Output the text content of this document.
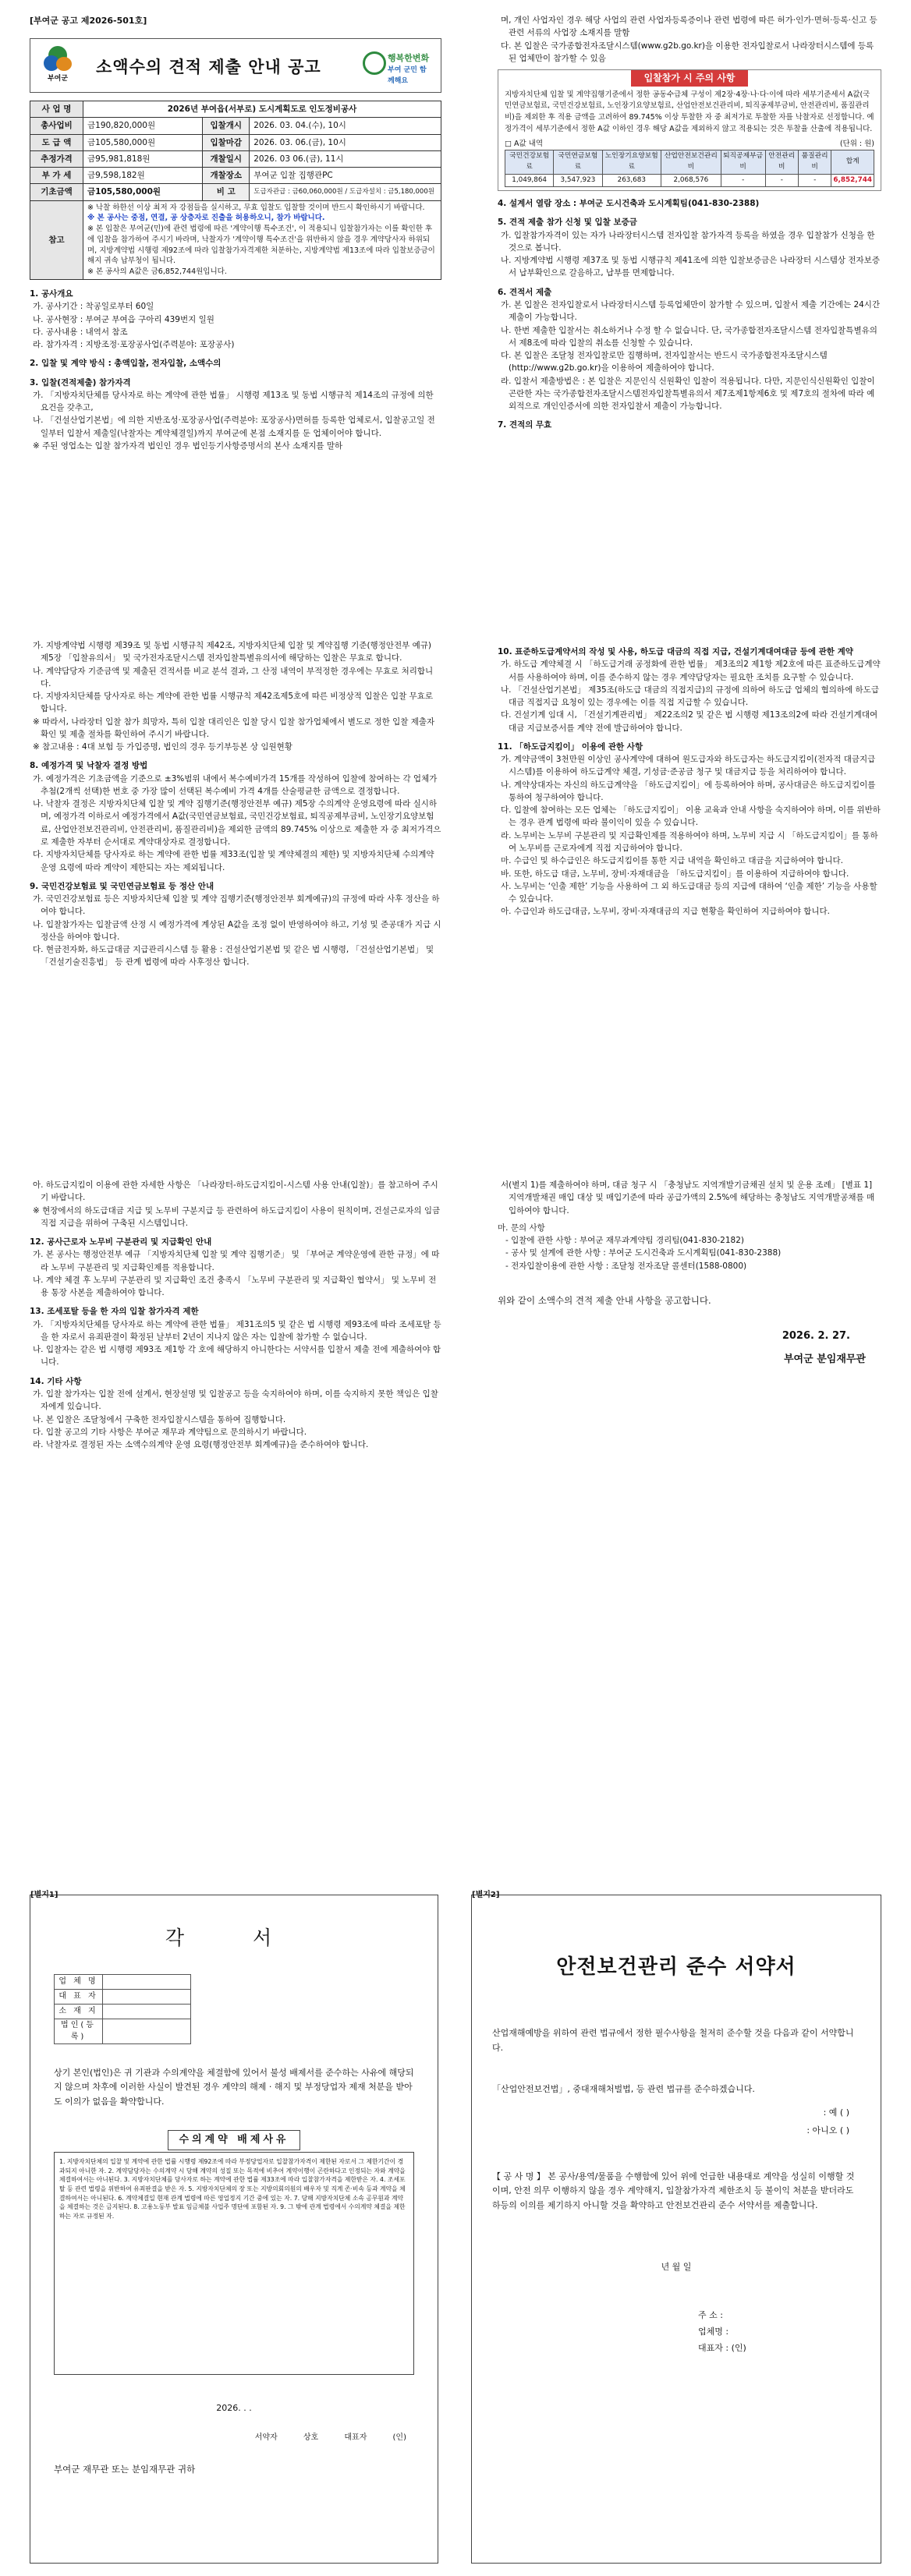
[부여군 공고 제2026-501호]
부여군
소액수의 견적 제출 안내 공고	행복한변화
부여 군민 함께해요
사 업 명	2026년 부여읍(서부로) 도시계획도로 인도정비공사		
총사업비	금190,820,000원	입찰개시	2026. 03. 04.(수), 10시
도 급 액	금105,580,000원	입찰마감	2026. 03. 06.(금), 10시
추정가격	금95,981,818원	개찰일시	2026. 03 06.(금), 11시
부 가 세	금9,598,182원	개찰장소	부여군 입찰 집행관PC
기초금액	금105,580,000원	비 고	도급자관급 : 금60,060,000원 / 도급자설치 : 금5,180,000원
참고	※ 낙찰 하한선 이상 최저 자 강점들을 실시하고, 무효 입찰도 입찰할 것이며 반드시 확인하시기 바랍니다.
※ 본 공사는 중점, 연결, 공 상층자로 진출을 허용하오니, 참가 바랍니다.
※ 본 입찰은 부여군(민)에 관련 법령에 따른 '계약이행 특수조건', 이 적용되니 입찰참가자는 이를 확인한 후에 입찰을 참가하여 주시기 바라며, 낙찰자가 '계약이행 특수조건'을 위반하지 않을 경우 계약당사자 하위되며, 지방계약법 시행령 제92조에 따라 입찰참가자격제한 처분하는, 지방계약법 제13조에 따라 입찰보증금이 해지 귀속 납부청이 됩니다.
※ 본 공사의 A값은 금6,852,744원입니다.		
1. 공사개요
가. 공사기간 : 착공일로부터 60일
나. 공사현장 : 부여군 부여읍 구아리 439번지 일원
다. 공사내용 : 내역서 참조
라. 참가자격 : 지방조정·포장공사업(주력분야: 포장공사)
2. 입찰 및 계약 방식 : 총액입찰, 전자입찰, 소액수의
3. 입찰(견적제출) 참가자격
가. 「지방자치단체를 당사자로 하는 계약에 관한 법률」 시행령 제13조 및 동법 시행규칙 제14조의 규정에 의한 요건을 갖추고,
나. 「건설산업기본법」에 의한 지반조성·포장공사업(주력분야: 포장공사)면허를 등록한 업체로서, 입찰공고일 전일부터 입찰서 제출일(낙찰자는 계약체결일)까지 부여군에 본점 소재지를 둔 업체이어야 합니다.
※ 주된 영업소는 입찰 참가자격 법인인 경우 법인등기사항증명서의 본사 소재지를 말하
며, 개인 사업자인 경우 해당 사업의 관련 사업자등록증이나 관련 법령에 따른 허가·인가·면허·등록·신고 등 관련 서류의 사업장 소재지를 말함
다. 본 입찰은 국가종합전자조달시스템(www.g2b.go.kr)을 이용한 전자입찰로서 나라장터시스템에 등록된 업체만이 참가할 수 있음
입찰참가 시 주의 사항
지방자치단체 입찰 및 계약집행기준에서 정한 공동수급체 구성이 제2장·4장·나·다·이에 따라 세부기준세서 A값(국민연금보험료, 국민건강보험료, 노인장기요양보험료, 산업안전보건관리비, 퇴직공제부금비, 안전관리비, 품질관리비)을 제외한 후 적용 금액을 고려하여 89.745% 이상 투찰한 자 중 최저가로 투찰한 자를 낙찰자로 선정합니다. 예정가격이 세부기준에서 정한 A값 이하인 경우 해당 A값을 제외하지 않고 적용되는 것은 투찰율 산출에 적용됩니다.
□ A값 내역	(단위 : 원)
국민건강보험료	국민연금보험료	노인장기요양보험료	산업안전보건관리비	퇴직공제부금비	안전관리비	품질관리비	합계
1,049,864	3,547,923	263,683	2,068,576	-	-	-	6,852,744
4. 설계서 열람 장소 : 부여군 도시건축과 도시계획팀(041-830-2388)
5. 견적 제출 참가 신청 및 입찰 보증금
가. 입찰참가자격이 있는 자가 나라장터시스템 전자입찰 참가자격 등록을 하였을 경우 입찰참가 신청을 한 것으로 봅니다.
나. 지방계약법 시행령 제37조 및 동법 시행규칙 제41조에 의한 입찰보증금은 나라장터 시스템상 전자보증서 납부확인으로 갈음하고, 납부를 면제합니다.
6. 견적서 제출
가. 본 입찰은 전자입찰로서 나라장터시스템 등록업체만이 참가할 수 있으며, 입찰서 제출 기간에는 24시간 제출이 가능합니다.
나. 한번 제출한 입찰서는 취소하거나 수정 할 수 없습니다. 단, 국가종합전자조달시스템 전자입찰특별유의서 제8조에 따라 입찰의 취소를 신청할 수 있습니다.
다. 본 입찰은 조달청 전자입찰로만 집행하며, 전자입찰서는 반드시 국가종합전자조달시스템(http://www.g2b.go.kr)을 이용하여 제출하여야 합니다.
라. 입찰서 제출방법은 : 본 입찰은 지문인식 신원확인 입찰이 적용됩니다. 다만, 지문인식신원확인 입찰이 곤란한 자는 국가종합전자조달시스템전자입찰특별유의서 제7조제1항제6호 및 제7호의 절차에 따라 예외적으로 개인인증서에 의한 전자입찰서 제출이 가능합니다.
7. 견적의 무효
가. 지방계약법 시행령 제39조 및 동법 시행규칙 제42조, 지방자치단체 입찰 및 계약집행 기준(행정안전부 예규) 제5장 「입찰유의서」 및 국가전자조달시스템 전자입찰특별유의서에 해당하는 입찰은 무효로 합니다.
나. 계약담당자 기준금액 및 제출된 견적서를 비교 분석 결과, 그 산정 내역이 부적정한 경우에는 무효로 처리합니다.
다. 지방자치단체를 당사자로 하는 계약에 관한 법률 시행규칙 제42조제5호에 따른 비정상적 입찰은 입찰 무효로 합니다.
※ 따라서, 나라장터 입찰 참가 희망자, 특히 입찰 대리인은 입찰 당시 입찰 참가업체에서 별도로 정한 입찰 제출자 확인 및 제출 절차를 확인하여 주시기 바랍니다.
※ 참고내용 : 4대 보험 등 가입증명, 법인의 경우 등기부등본 상 임원현황
8. 예정가격 및 낙찰자 결정 방법
가. 예정가격은 기초금액을 기준으로 ±3%범위 내에서 복수예비가격 15개를 작성하여 입찰에 참여하는 각 업체가 추첨(2개씩 선택)한 번호 중 가장 많이 선택된 복수예비 가격 4개를 산술평균한 금액으로 결정합니다.
나. 낙찰자 결정은 지방자치단체 입찰 및 계약 집행기준(행정안전부 예규) 제5장 수의계약 운영요령에 따라 실시하며, 예정가격 이하로서 예정가격에서 A값(국민연금보험료, 국민건강보험료, 퇴직공제부금비, 노인장기요양보험료, 산업안전보건관리비, 안전관리비, 품질관리비)을 제외한 금액의 89.745% 이상으로 제출한 자 중 최저가격으로 제출한 자부터 순서대로 계약대상자로 결정합니다.
다. 지방자치단체를 당사자로 하는 계약에 관한 법률 제33조(입찰 및 계약체결의 제한) 및 지방자치단체 수의계약 운영 요령에 따라 계약이 제한되는 자는 제외됩니다.
9. 국민건강보험료 및 국민연금보험료 등 정산 안내
가. 국민건강보험료 등은 지방자치단체 입찰 및 계약 집행기준(행정안전부 회계예규)의 규정에 따라 사후 정산을 하여야 합니다.
나. 입찰참가자는 입찰금액 산정 시 예정가격에 계상된 A값을 조정 없이 반영하여야 하고, 기성 및 준공대가 지급 시 정산을 하여야 합니다.
다. 현금전자화, 하도급대금 지급관리시스템 등 활용 : 건설산업기본법 및 같은 법 시행령, 「건설산업기본법」 및 「건설기술진흥법」 등 관계 법령에 따라 사후정산 합니다.
10. 표준하도급계약서의 작성 및 사용, 하도급 대금의 직접 지급, 건설기계대여대금 등에 관한 계약
가. 하도급 계약체결 시 「하도급거래 공정화에 관한 법률」 제3조의2 제1항 제2호에 따른 표준하도급계약서를 사용하여야 하며, 이를 준수하지 않는 경우 계약담당자는 필요한 조치를 요구할 수 있습니다.
나. 「건설산업기본법」 제35조(하도급 대금의 직접지급)의 규정에 의하여 하도급 업체의 협의하에 하도급대금 직접지급 요청이 있는 경우에는 이를 직접 지급할 수 있습니다.
다. 건설기계 임대 시, 「건설기계관리법」 제22조의2 및 같은 법 시행령 제13조의2에 따라 건설기계대여대금 지급보증서를 계약 전에 발급하여야 합니다.
11. 「하도급지킴이」 이용에 관한 사항
가. 계약금액이 3천만원 이상인 공사계약에 대하여 원도급자와 하도급자는 하도급지킴이(전자적 대금지급시스템)를 이용하여 하도급계약 체결, 기성금·준공금 청구 및 대금지급 등을 처리하여야 합니다.
나. 계약상대자는 자신의 하도급계약을 「하도급지킴이」에 등록하여야 하며, 공사대금은 하도급지킴이를 통하여 청구하여야 합니다.
다. 입찰에 참여하는 모든 업체는 「하도급지킴이」 이용 교육과 안내 사항을 숙지하여야 하며, 이를 위반하는 경우 관계 법령에 따라 불이익이 있을 수 있습니다.
라. 노무비는 노무비 구분관리 및 지급확인제를 적용하여야 하며, 노무비 지급 시 「하도급지킴이」를 통하여 노무비를 근로자에게 직접 지급하여야 합니다.
마. 수급인 및 하수급인은 하도급지킴이를 통한 지급 내역을 확인하고 대금을 지급하여야 합니다.
바. 또한, 하도급 대금, 노무비, 장비·자재대금을 「하도급지킴이」를 이용하여 지급하여야 합니다.
사. 노무비는 ‘인출 제한’ 기능을 사용하여 그 외 하도급대금 등의 지급에 대하여 ‘인출 제한’ 기능을 사용할 수 있습니다.
아. 수급인과 하도급대금, 노무비, 장비·자재대금의 지급 현황을 확인하여 지급하여야 합니다.
아. 하도급지킴이 이용에 관한 자세한 사항은 「나라장터-하도급지킴이-시스템 사용 안내(입찰)」를 참고하여 주시기 바랍니다.
※ 현장에서의 하도급대금 지급 및 노무비 구분지급 등 관련하여 하도급지킴이 사용이 원칙이며, 건설근로자의 임금 직접 지급을 위하여 구축된 시스템입니다.
12. 공사근로자 노무비 구분관리 및 지급확인 안내
가. 본 공사는 행정안전부 예규 「지방자치단체 입찰 및 계약 집행기준」 및 「부여군 계약운영에 관한 규정」에 따라 노무비 구분관리 및 지급확인제를 적용합니다.
나. 계약 체결 후 노무비 구분관리 및 지급확인 조건 충족시 「노무비 구분관리 및 지급확인 협약서」 및 노무비 전용 통장 사본을 제출하여야 합니다.
13. 조세포탈 등을 한 자의 입찰 참가자격 제한
가. 「지방자치단체를 당사자로 하는 계약에 관한 법률」 제31조의5 및 같은 법 시행령 제93조에 따라 조세포탈 등을 한 자로서 유죄판결이 확정된 날부터 2년이 지나지 않은 자는 입찰에 참가할 수 없습니다.
나. 입찰자는 같은 법 시행령 제93조 제1항 각 호에 해당하지 아니한다는 서약서를 입찰서 제출 전에 제출하여야 합니다.
14. 기타 사항
가. 입찰 참가자는 입찰 전에 설계서, 현장설명 및 입찰공고 등을 숙지하여야 하며, 이를 숙지하지 못한 책임은 입찰자에게 있습니다.
나. 본 입찰은 조달청에서 구축한 전자입찰시스템을 통하여 집행합니다.
다. 입찰 공고의 기타 사항은 부여군 재무과 계약팀으로 문의하시기 바랍니다.
라. 낙찰자로 결정된 자는 소액수의계약 운영 요령(행정안전부 회계예규)을 준수하여야 합니다.
서(별지 1)를 제출하여야 하며, 대금 청구 시 「충청남도 지역개발기금채권 설치 및 운용 조례」 [별표 1] 지역개발채권 매입 대상 및 매입기준에 따라 공급가액의 2.5%에 해당하는 충청남도 지역개발공채를 매입하여야 합니다.
마. 문의 사항
- 입찰에 관한 사항 : 부여군 재무과계약팀 경리팀(041-830-2182)
- 공사 및 설계에 관한 사항 : 부여군 도시건축과 도시계획팀(041-830-2388)
- 전자입찰이용에 관한 사항 : 조달청 전자조달 콜센터(1588-0800)
위와 같이 소액수의 견적 제출 안내 사항을 공고합니다.
2026. 2. 27.
부여군 분임재무관
[별지1]
각 서
업 체 명	
대 표 자	
소 재 지	
법인(등록)	
상기 본인(법인)은 귀 기관과 수의계약을 체결함에 있어서 불성 배제서를 준수하는 사유에 해당되지 않으며 차후에 이러한 사실이 발견된 경우 계약의 해제 · 해지 및 부정당업자 제재 처분을 받아도 이의가 없음을 확약합니다.
수의계약 배제사유
1. 지방자치단체의 입찰 및 계약에 관한 법률 시행령 제92조에 따라 부정당업자로 입찰참가자격이 제한된 자로서 그 제한기간이 경과되지 아니한 자. 2. 계약담당자는 수의계약 시 당해 계약의 성질 또는 목적에 비추어 계약이행이 곤란하다고 인정되는 자와 계약을 체결하여서는 아니된다. 3. 지방자치단체를 당사자로 하는 계약에 관한 법률 제33조에 따라 입찰참가자격을 제한받은 자. 4. 조세포탈 등 관련 법령을 위반하여 유죄판결을 받은 자. 5. 지방자치단체의 장 또는 지방의회의원의 배우자 및 직계 존·비속 등과 계약을 체결하여서는 아니된다. 6. 계약체결일 현재 관계 법령에 따른 영업정지 기간 중에 있는 자. 7. 당해 지방자치단체 소속 공무원과 계약을 체결하는 것은 금지된다. 8. 고용노동부 발표 임금체불 사업주 명단에 포함된 자. 9. 그 밖에 관계 법령에서 수의계약 체결을 제한하는 자로 규정된 자.
2026. . .
서약자 상호 대표자 (인)
부여군 재무관 또는 분임재무관 귀하
[별지2]
안전보건관리 준수 서약서

산업재해예방을 위하여 관련 법규에서 정한 필수사항을 철저히 준수할 것을 다음과 같이 서약합니다.

「산업안전보건법」, 중대재해처벌법, 등 관련 법규를 준수하겠습니다.

: 예 ( )

: 아니오 ( )

【 공 사 명 】 본 공사/용역/물품을 수행함에 있어 위에 언급한 내용대로 계약을 성실히 이행할 것이며, 안전 의무 이행하지 않을 경우 계약해지, 입찰참가자격 제한조치 등 불이익 처분을 받더라도 하등의 이의를 제기하지 아니할 것을 확약하고 안전보건관리 준수 서약서를 제출합니다.

년 월 일

주 소 :

업체명 :

대표자 : (인)
